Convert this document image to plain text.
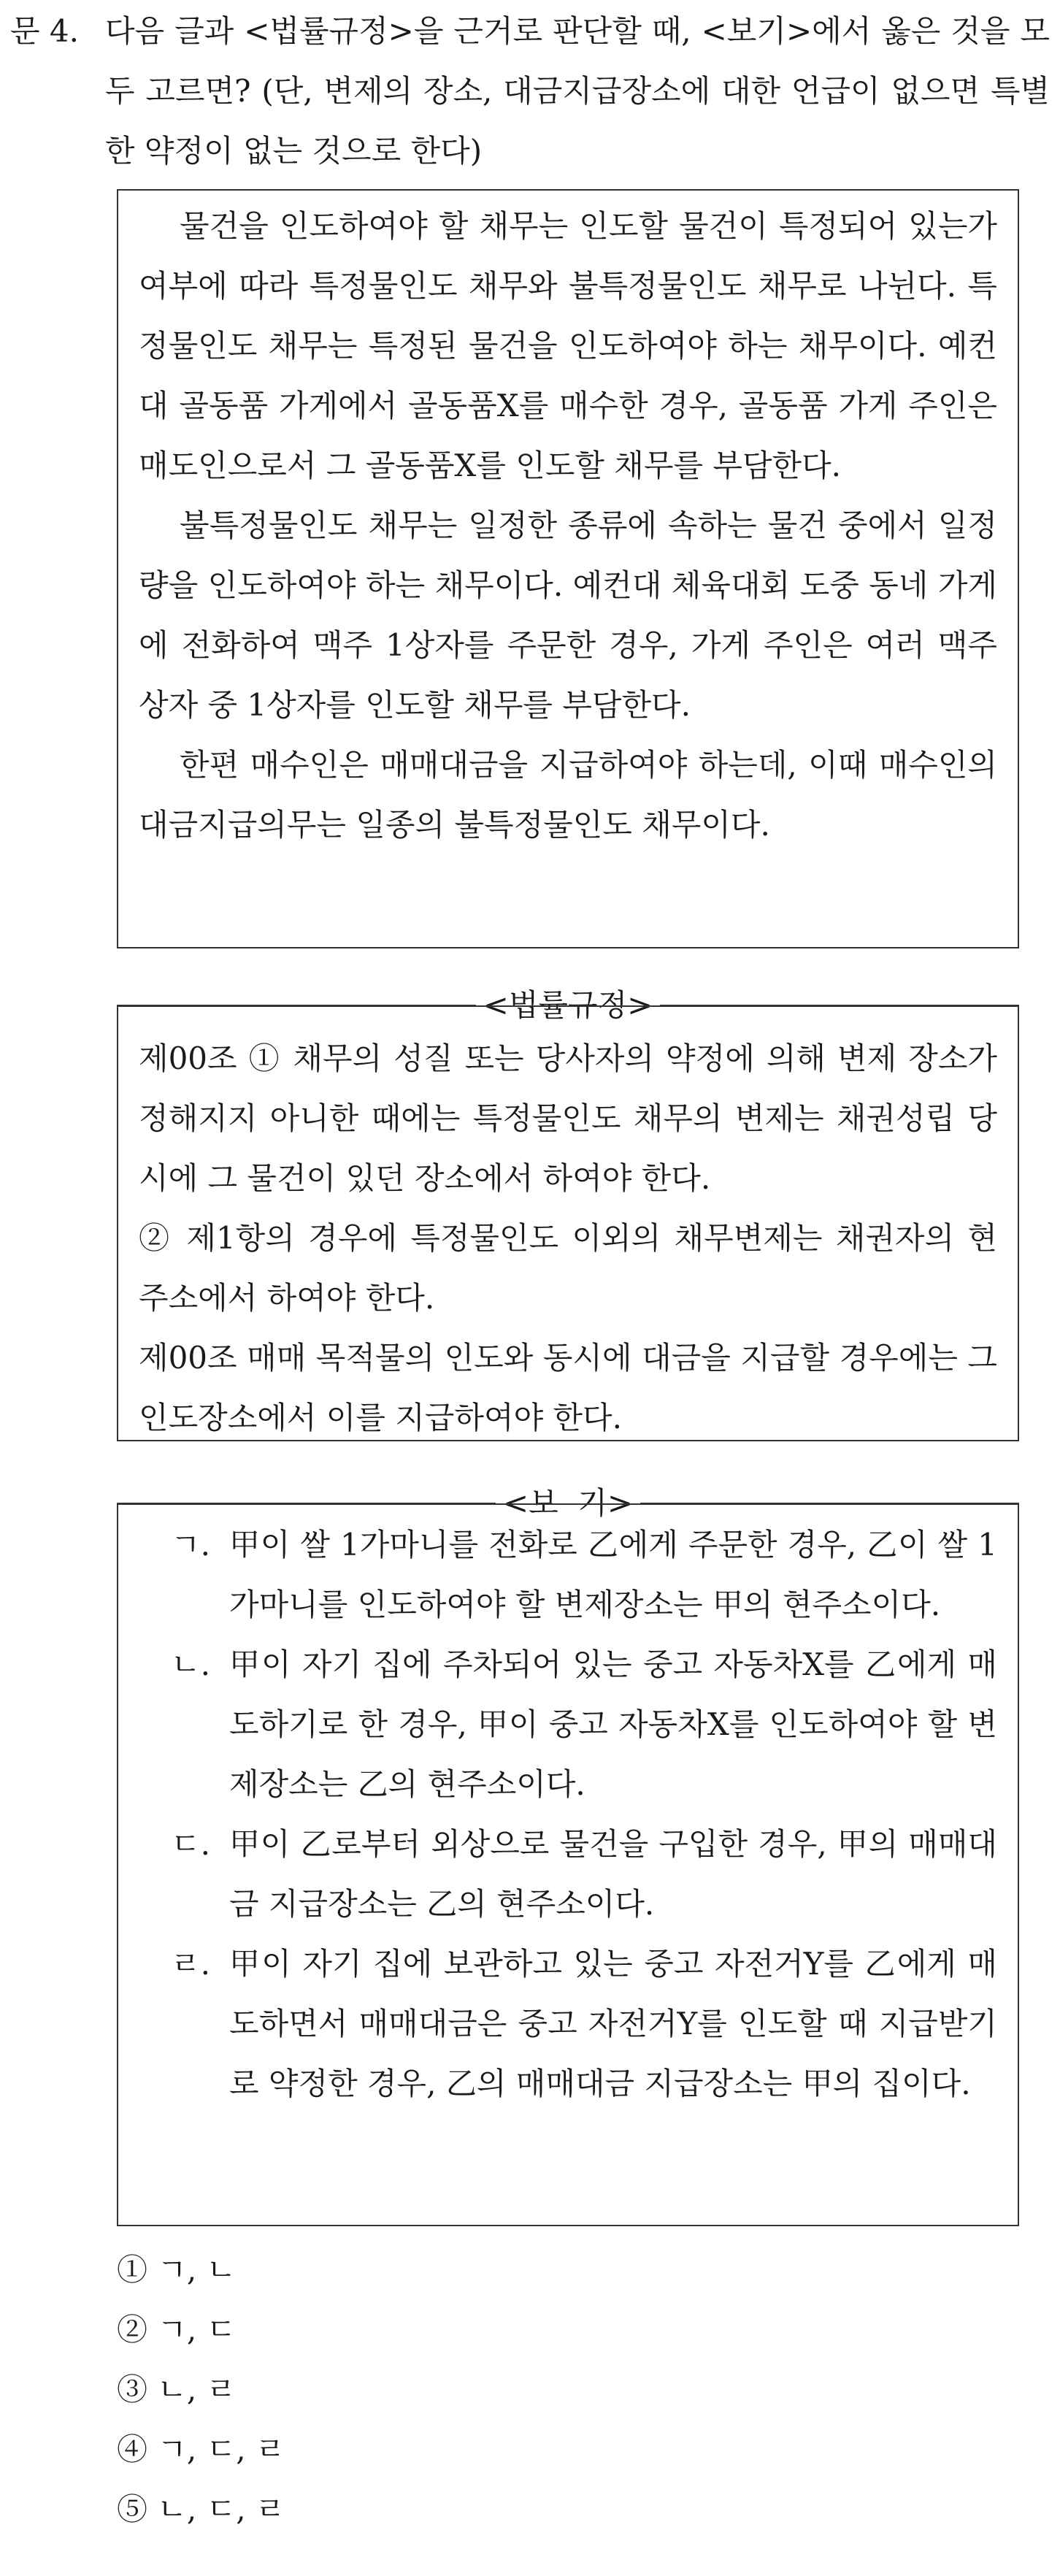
문 4. 다음 글과 <법률규정>을 근거로 판단할 때, <보기>에서 옳은 것을 모두 고르면? (단, 변제의 장소, 대금지급장소에 대한 언급이 없으면 특별한 약정이 없는 것으로 한다)

물건을 인도하여야 할 채무는 인도할 물건이 특정되어 있는가 여부에 따라 특정물인도 채무와 불특정물인도 채무로 나뉜다. 특정물인도 채무는 특정된 물건을 인도하여야 하는 채무이다. 예컨대 골동품 가게에서 골동품X를 매수한 경우, 골동품 가게 주인은 매도인으로서 그 골동품X를 인도할 채무를 부담한다.

불특정물인도 채무는 일정한 종류에 속하는 물건 중에서 일정량을 인도하여야 하는 채무이다. 예컨대 체육대회 도중 동네 가게에 전화하여 맥주 1상자를 주문한 경우, 가게 주인은 여러 맥주 상자 중 1상자를 인도할 채무를 부담한다.

한편 매수인은 매매대금을 지급하여야 하는데, 이때 매수인의 대금지급의무는 일종의 불특정물인도 채무이다.

<법률규정>

제00조 ① 채무의 성질 또는 당사자의 약정에 의해 변제 장소가 정해지지 아니한 때에는 특정물인도 채무의 변제는 채권성립 당시에 그 물건이 있던 장소에서 하여야 한다.

② 제1항의 경우에 특정물인도 이외의 채무변제는 채권자의 현주소에서 하여야 한다.

제00조 매매 목적물의 인도와 동시에 대금을 지급할 경우에는 그 인도장소에서 이를 지급하여야 한다.

<보  기>

ㄱ. 甲이 쌀 1가마니를 전화로 乙에게 주문한 경우, 乙이 쌀 1가마니를 인도하여야 할 변제장소는 甲의 현주소이다.

ㄴ. 甲이 자기 집에 주차되어 있는 중고 자동차X를 乙에게 매도하기로 한 경우, 甲이 중고 자동차X를 인도하여야 할 변제장소는 乙의 현주소이다.

ㄷ. 甲이 乙로부터 외상으로 물건을 구입한 경우, 甲의 매매대금 지급장소는 乙의 현주소이다.

ㄹ. 甲이 자기 집에 보관하고 있는 중고 자전거Y를 乙에게 매도하면서 매매대금은 중고 자전거Y를 인도할 때 지급받기로 약정한 경우, 乙의 매매대금 지급장소는 甲의 집이다.

① ㄱ, ㄴ
② ㄱ, ㄷ
③ ㄴ, ㄹ
④ ㄱ, ㄷ, ㄹ
⑤ ㄴ, ㄷ, ㄹ
